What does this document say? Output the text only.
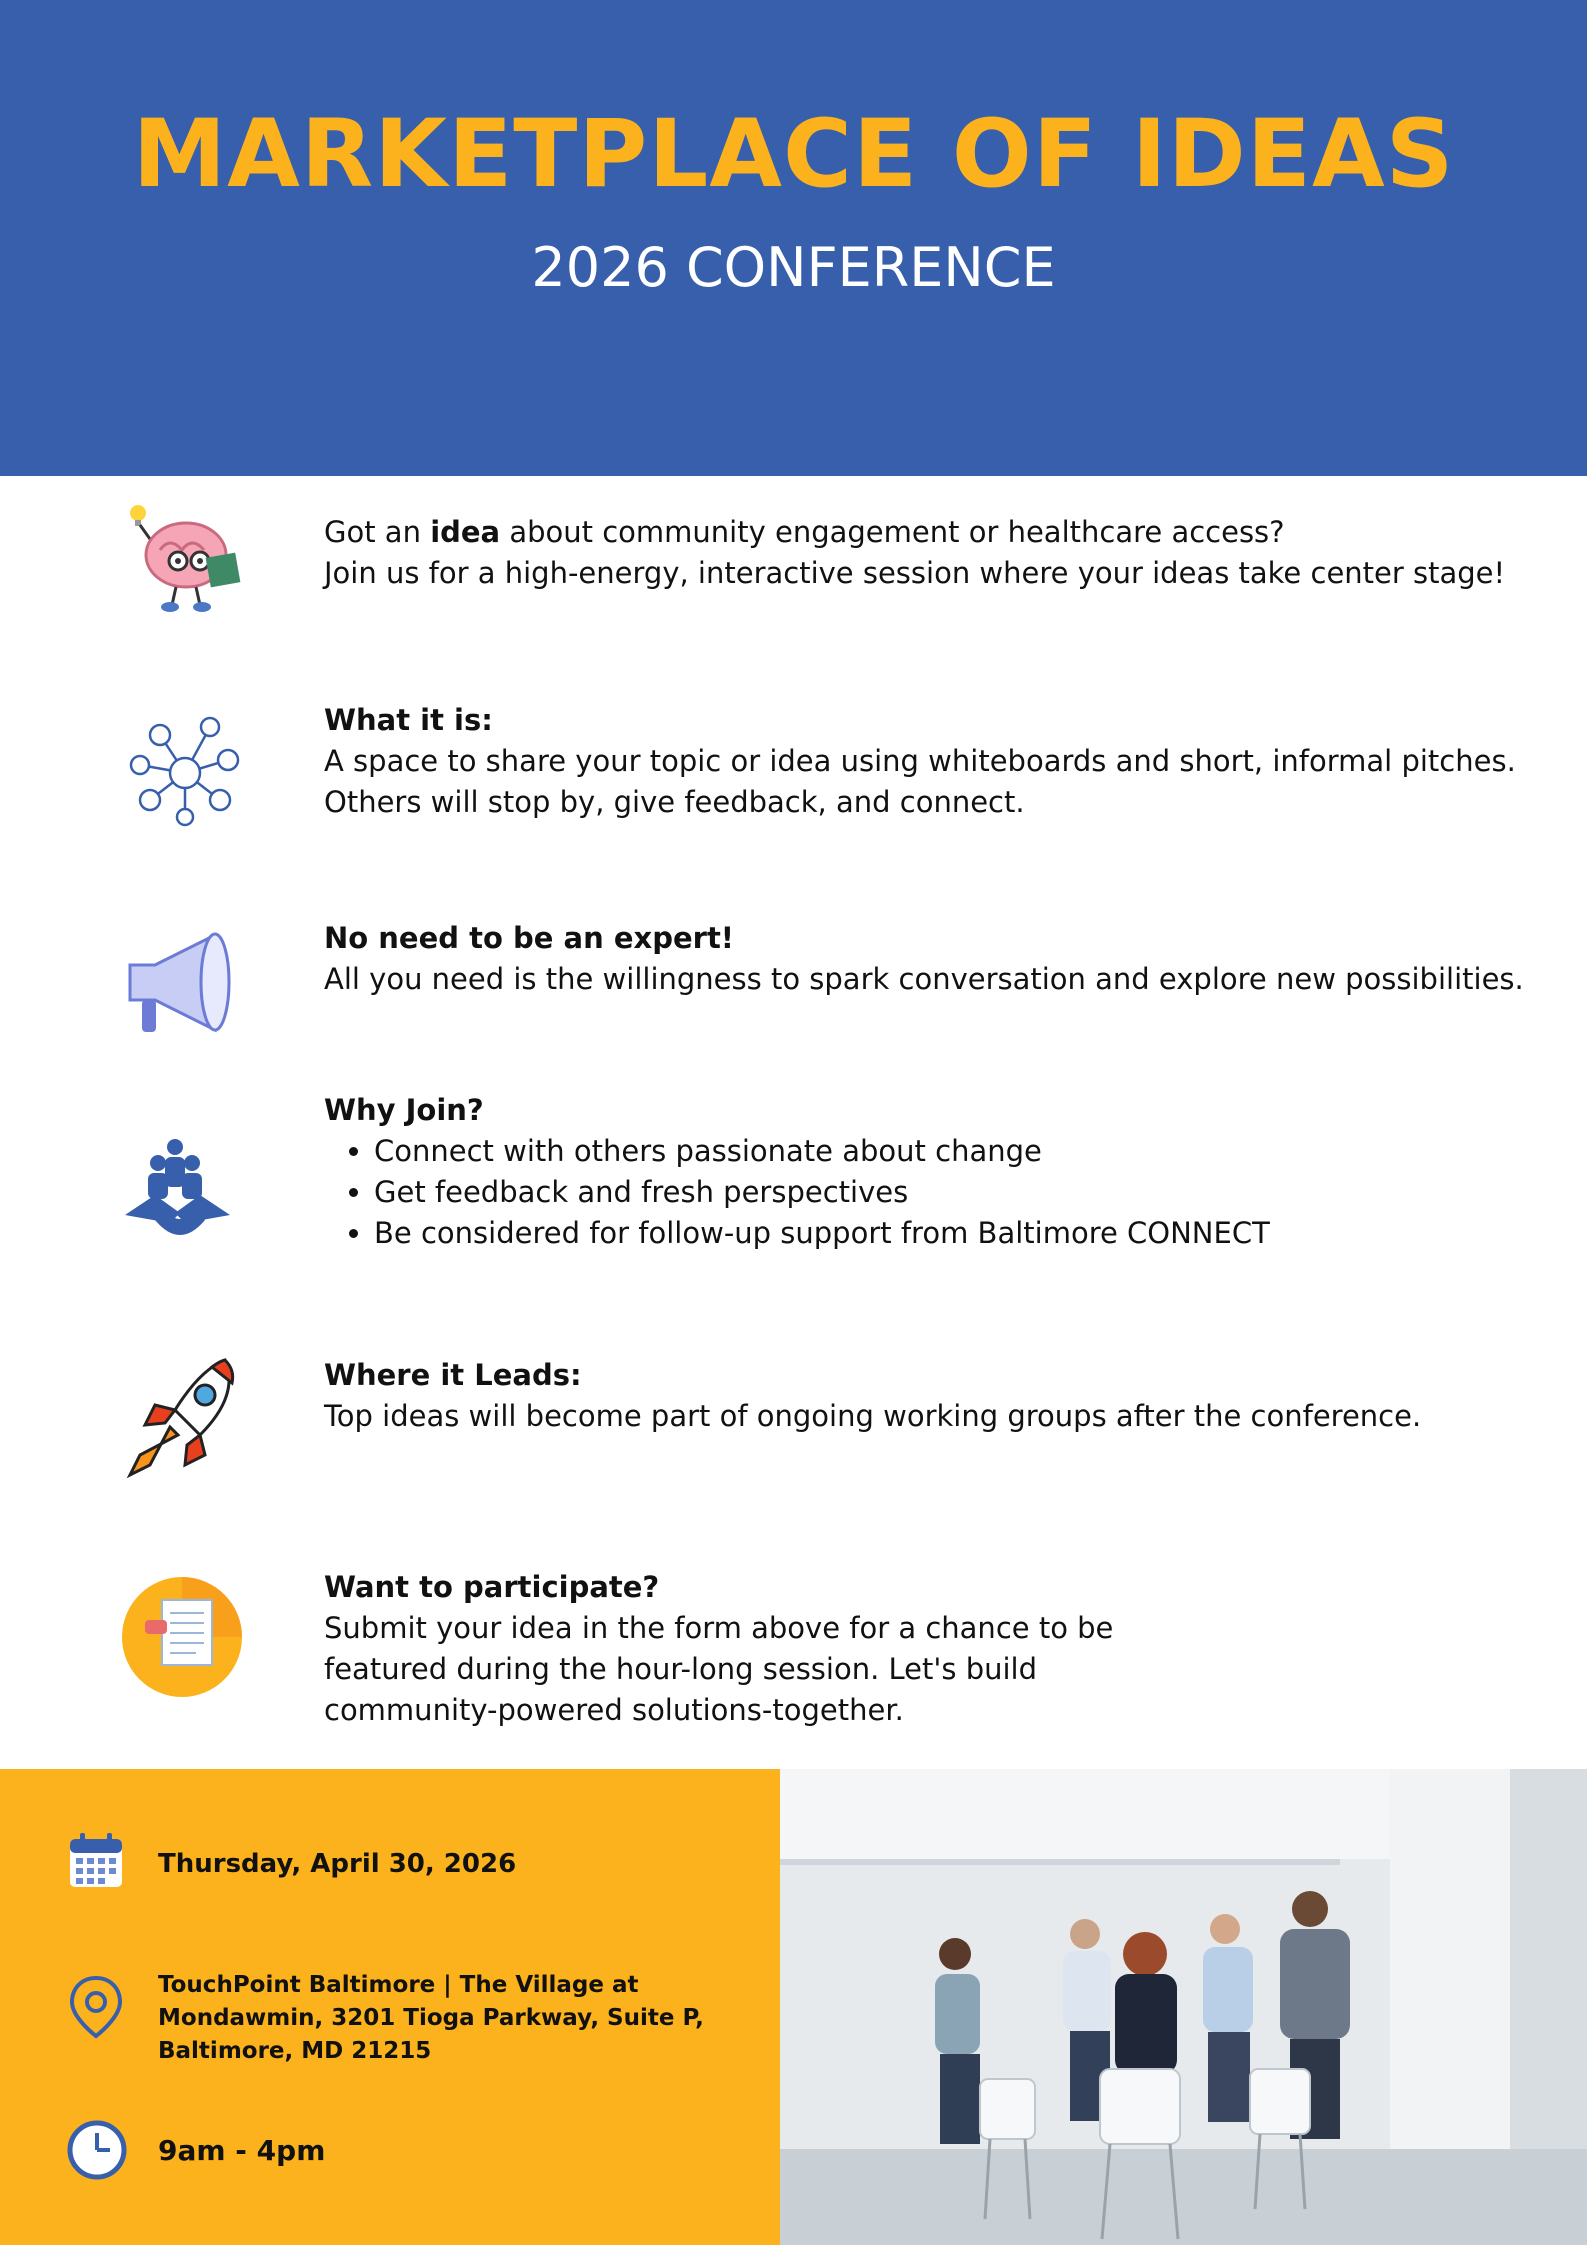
MARKETPLACE OF IDEAS
2026 CONFERENCE
Got an idea about community engagement or healthcare access?
Join us for a high-energy, interactive session where your ideas take center stage!
What it is:
A space to share your topic or idea using whiteboards and short, informal pitches.
Others will stop by, give feedback, and connect.
No need to be an expert!
All you need is the willingness to spark conversation and explore new possibilities.
Why Join?
• Connect with others passionate about change
• Get feedback and fresh perspectives
• Be considered for follow-up support from Baltimore CONNECT
Where it Leads:
Top ideas will become part of ongoing working groups after the conference.
Want to participate?
Submit your idea in the form above for a chance to be
featured during the hour-long session. Let's build
community-powered solutions-together.
Thursday, April 30, 2026
TouchPoint Baltimore | The Village at
Mondawmin, 3201 Tioga Parkway, Suite P,
Baltimore, MD 21215
9am - 4pm
